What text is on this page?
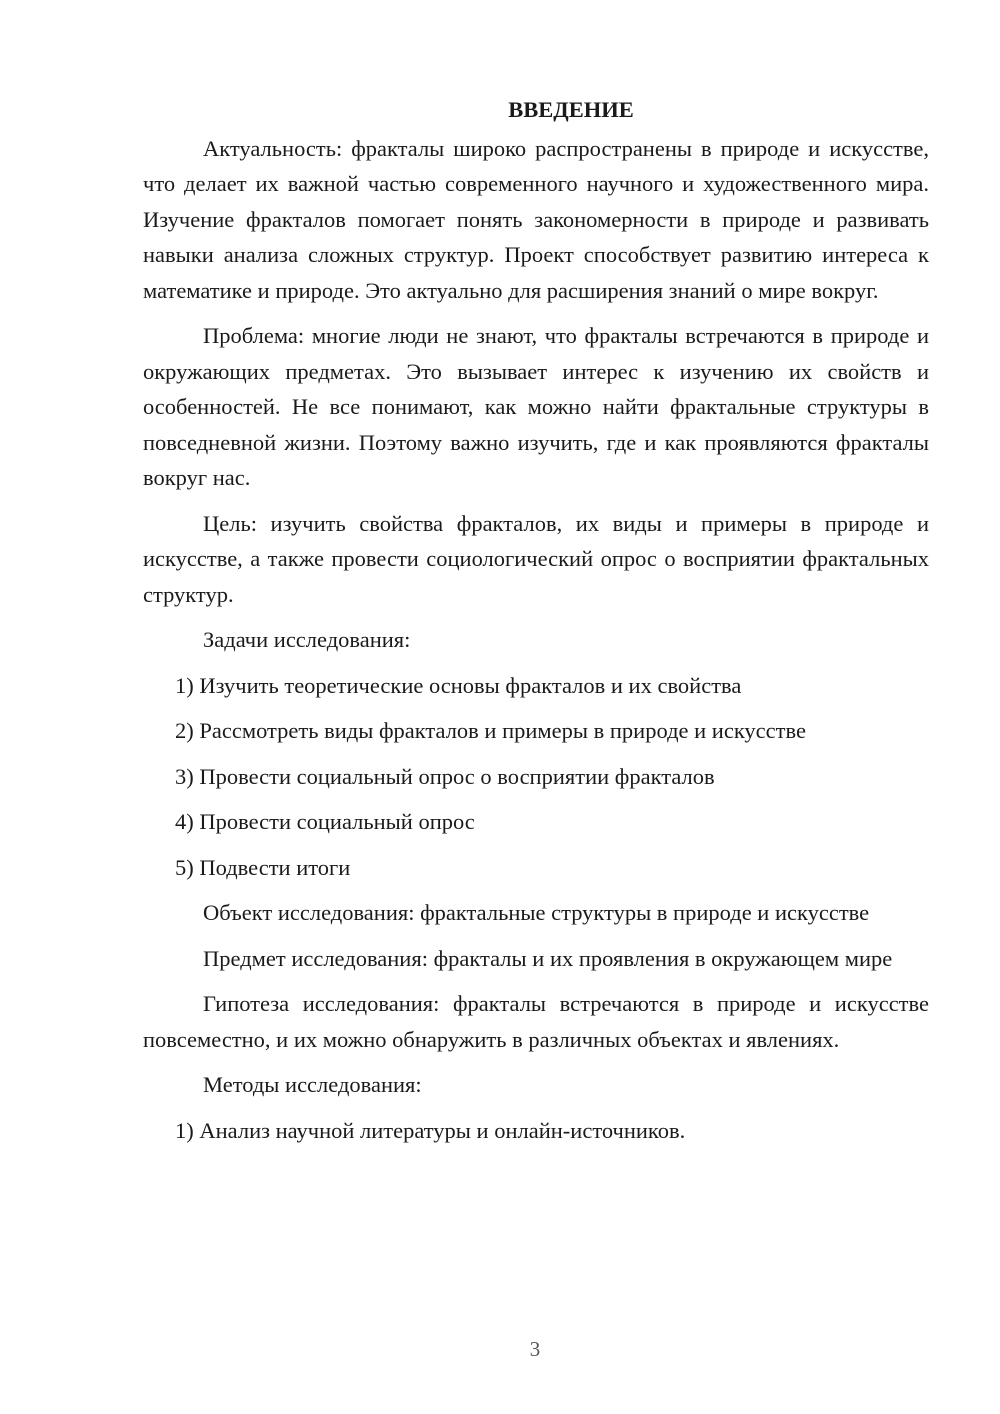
ВВЕДЕНИЕ

Актуальность: фракталы широко распространены в природе и искусстве, что делает их важной частью современного научного и художественного мира. Изучение фракталов помогает понять закономерности в природе и развивать навыки анализа сложных структур. Проект способствует развитию интереса к математике и природе. Это актуально для расширения знаний о мире вокруг.

Проблема: многие люди не знают, что фракталы встречаются в природе и окружающих предметах. Это вызывает интерес к изучению их свойств и особенностей. Не все понимают, как можно найти фрактальные структуры в повседневной жизни. Поэтому важно изучить, где и как проявляются фракталы вокруг нас.

Цель: изучить свойства фракталов, их виды и примеры в природе и искусстве, а также провести социологический опрос о восприятии фрактальных структур.

Задачи исследования:

1) Изучить теоретические основы фракталов и их свойства
2) Рассмотреть виды фракталов и примеры в природе и искусстве
3) Провести социальный опрос о восприятии фракталов
4) Провести социальный опрос
5) Подвести итоги

Объект исследования: фрактальные структуры в природе и искусстве

Предмет исследования: фракталы и их проявления в окружающем мире

Гипотеза исследования: фракталы встречаются в природе и искусстве повсеместно, и их можно обнаружить в различных объектах и явлениях.

Методы исследования:

1) Анализ научной литературы и онлайн-источников.
3
